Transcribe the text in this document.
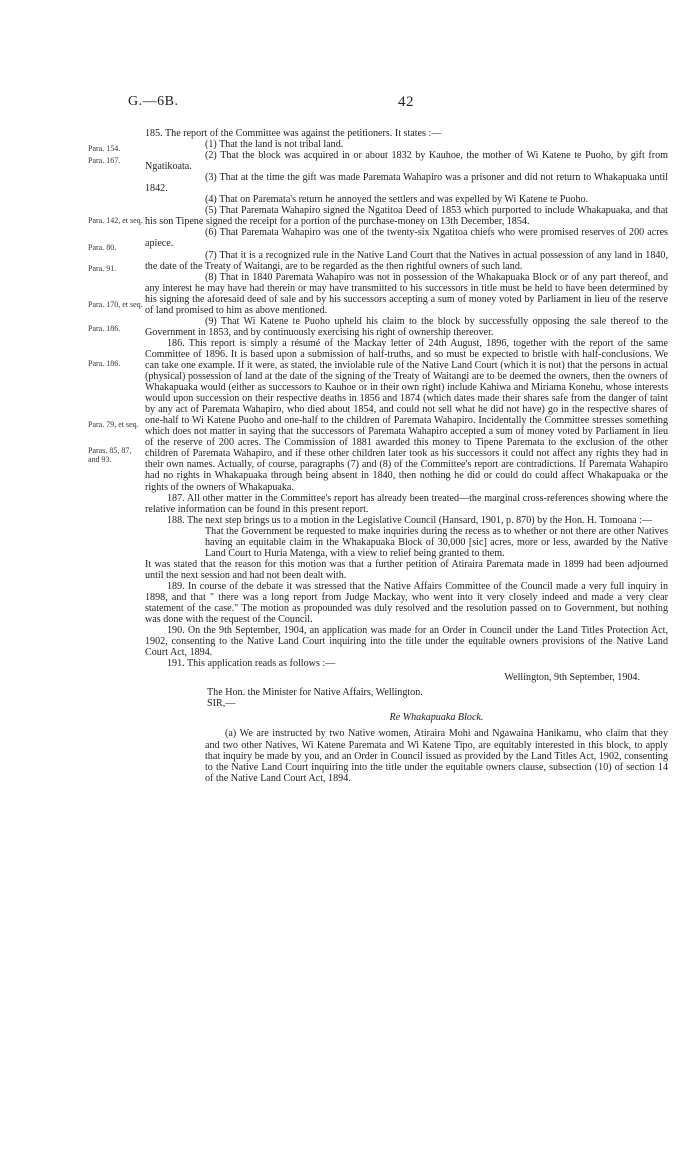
G.—6B.	42
Para. 154.
Para. 167.
Para. 142, et seq.
Para. 80.
Para. 91.
Para. 170, et seq.
Para. 186.
Para. 186.
Para. 79, et seq.
Paras. 85, 87, and 93.

185. The report of the Committee was against the petitioners. It states :—

(1) That the land is not tribal land.

(2) That the block was acquired in or about 1832 by Kauhoe, the mother of Wi Katene te Puoho, by gift from Ngatikoata.

(3) That at the time the gift was made Paremata Wahapiro was a prisoner and did not return to Whakapuaka until 1842.

(4) That on Paremata's return he annoyed the settlers and was expelled by Wi Katene te Puoho.

(5) That Paremata Wahapiro signed the Ngatitoa Deed of 1853 which purported to include Whakapuaka, and that his son Tipene signed the receipt for a portion of the purchase-money on 13th December, 1854.

(6) That Paremata Wahapiro was one of the twenty-six Ngatitoa chiefs who were promised reserves of 200 acres apiece.

(7) That it is a recognized rule in the Native Land Court that the Natives in actual possession of any land in 1840, the date of the Treaty of Waitangi, are to be regarded as the then rightful owners of such land.

(8) That in 1840 Paremata Wahapiro was not in possession of the Whakapuaka Block or of any part thereof, and any interest he may have had therein or may have transmitted to his successors in title must be held to have been determined by his signing the aforesaid deed of sale and by his successors accepting a sum of money voted by Parliament in lieu of the reserve of land promised to him as above mentioned.

(9) That Wi Katene te Puoho upheld his claim to the block by successfully opposing the sale thereof to the Government in 1853, and by continuously exercising his right of ownership thereover.

186. This report is simply a résumé of the Mackay letter of 24th August, 1896, together with the report of the same Committee of 1896. It is based upon a submission of half-truths, and so must be expected to bristle with half-conclusions. We can take one example. If it were, as stated, the inviolable rule of the Native Land Court (which it is not) that the persons in actual (physical) possession of land at the date of the signing of the Treaty of Waitangi are to be deemed the owners, then the owners of Whakapuaka would (either as successors to Kauhoe or in their own right) include Kahiwa and Miriama Konehu, whose interests would upon succession on their respective deaths in 1856 and 1874 (which dates made their shares safe from the danger of taint by any act of Paremata Wahapiro, who died about 1854, and could not sell what he did not have) go in the respective shares of one-half to Wi Katene Puoho and one-half to the children of Paremata Wahapiro. Incidentally the Committee stresses something which does not matter in saying that the successors of Paremata Wahapiro accepted a sum of money voted by Parliament in lieu of the reserve of 200 acres. The Commission of 1881 awarded this money to Tipene Paremata to the exclusion of the other children of Paremata Wahapiro, and if these other children later took as his successors it could not affect any rights they had in their own names. Actually, of course, paragraphs (7) and (8) of the Committee's report are contradictions. If Paremata Wahapiro had no rights in Whakapuaka through being absent in 1840, then nothing he did or could do could affect Whakapuaka or the rights of the owners of Whakapuaka.

187. All other matter in the Committee's report has already been treated—the marginal cross-references showing where the relative information can be found in this present report.

188. The next step brings us to a motion in the Legislative Council (Hansard, 1901, p. 870) by the Hon. H. Tomoana :—

That the Government be requested to make inquiries during the recess as to whether or not there are other Natives having an equitable claim in the Whakapuaka Block of 30,000 [sic] acres, more or less, awarded by the Native Land Court to Huria Matenga, with a view to relief being granted to them.

It was stated that the reason for this motion was that a further petition of Atiraira Paremata made in 1899 had been adjourned until the next session and had not been dealt with.

189. In course of the debate it was stressed that the Native Affairs Committee of the Council made a very full inquiry in 1898, and that " there was a long report from Judge Mackay, who went into it very closely indeed and made a very clear statement of the case." The motion as propounded was duly resolved and the resolution passed on to Government, but nothing was done with the request of the Council.

190. On the 9th September, 1904, an application was made for an Order in Council under the Land Titles Protection Act, 1902, consenting to the Native Land Court inquiring into the title under the equitable owners provisions of the Native Land Court Act, 1894.

191. This application reads as follows :—

Wellington, 9th September, 1904.

The Hon. the Minister for Native Affairs, Wellington.

SIR,—

Re Whakapuaka Block.

(a) We are instructed by two Native women, Atiraira Mohi and Ngawaina Hanikamu, who claim that they and two other Natives, Wi Katene Paremata and Wi Katene Tipo, are equitably interested in this block, to apply that inquiry be made by you, and an Order in Council issued as provided by the Land Titles Act, 1902, consenting to the Native Land Court inquiring into the title under the equitable owners clause, subsection (10) of section 14 of the Native Land Court Act, 1894.
